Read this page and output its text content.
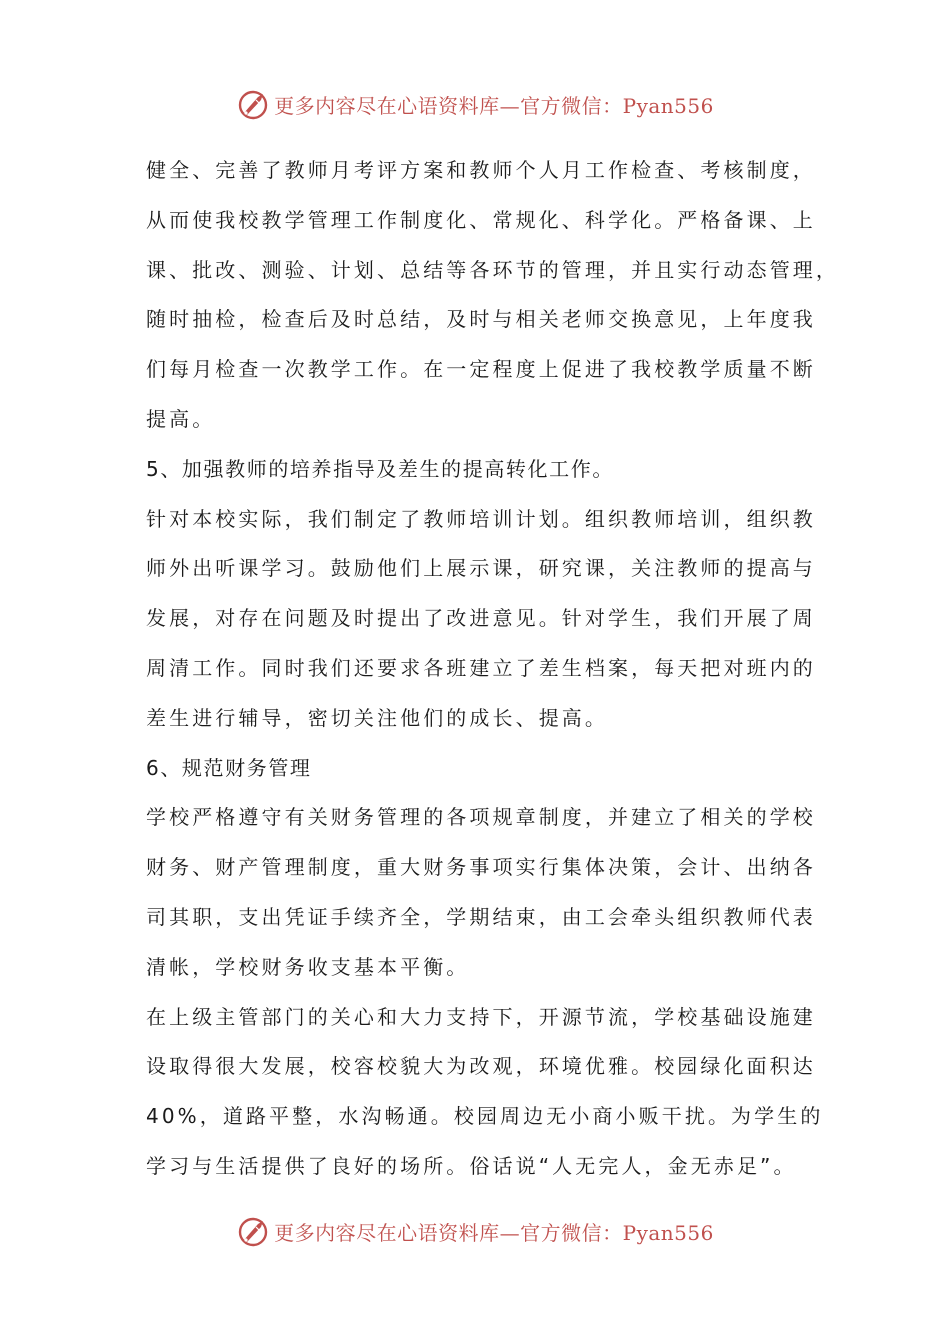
更多内容尽在心语资料库—官方微信：Pyan556
健全、完善了教师月考评方案和教师个人月工作检查、考核制度，
从而使我校教学管理工作制度化、常规化、科学化。严格备课、上
课、批改、测验、计划、总结等各环节的管理，并且实行动态管理，
随时抽检，检查后及时总结，及时与相关老师交换意见，上年度我
们每月检查一次教学工作。在一定程度上促进了我校教学质量不断
提高。
5、加强教师的培养指导及差生的提高转化工作。
针对本校实际，我们制定了教师培训计划。组织教师培训，组织教
师外出听课学习。鼓励他们上展示课，研究课，关注教师的提高与
发展，对存在问题及时提出了改进意见。针对学生，我们开展了周
周清工作。同时我们还要求各班建立了差生档案，每天把对班内的
差生进行辅导，密切关注他们的成长、提高。
6、规范财务管理
学校严格遵守有关财务管理的各项规章制度，并建立了相关的学校
财务、财产管理制度，重大财务事项实行集体决策，会计、出纳各
司其职，支出凭证手续齐全，学期结束，由工会牵头组织教师代表
清帐，学校财务收支基本平衡。
在上级主管部门的关心和大力支持下，开源节流，学校基础设施建
设取得很大发展，校容校貌大为改观，环境优雅。校园绿化面积达
40%，道路平整，水沟畅通。校园周边无小商小贩干扰。为学生的
学习与生活提供了良好的场所。俗话说“人无完人，金无赤足”。
更多内容尽在心语资料库—官方微信：Pyan556
